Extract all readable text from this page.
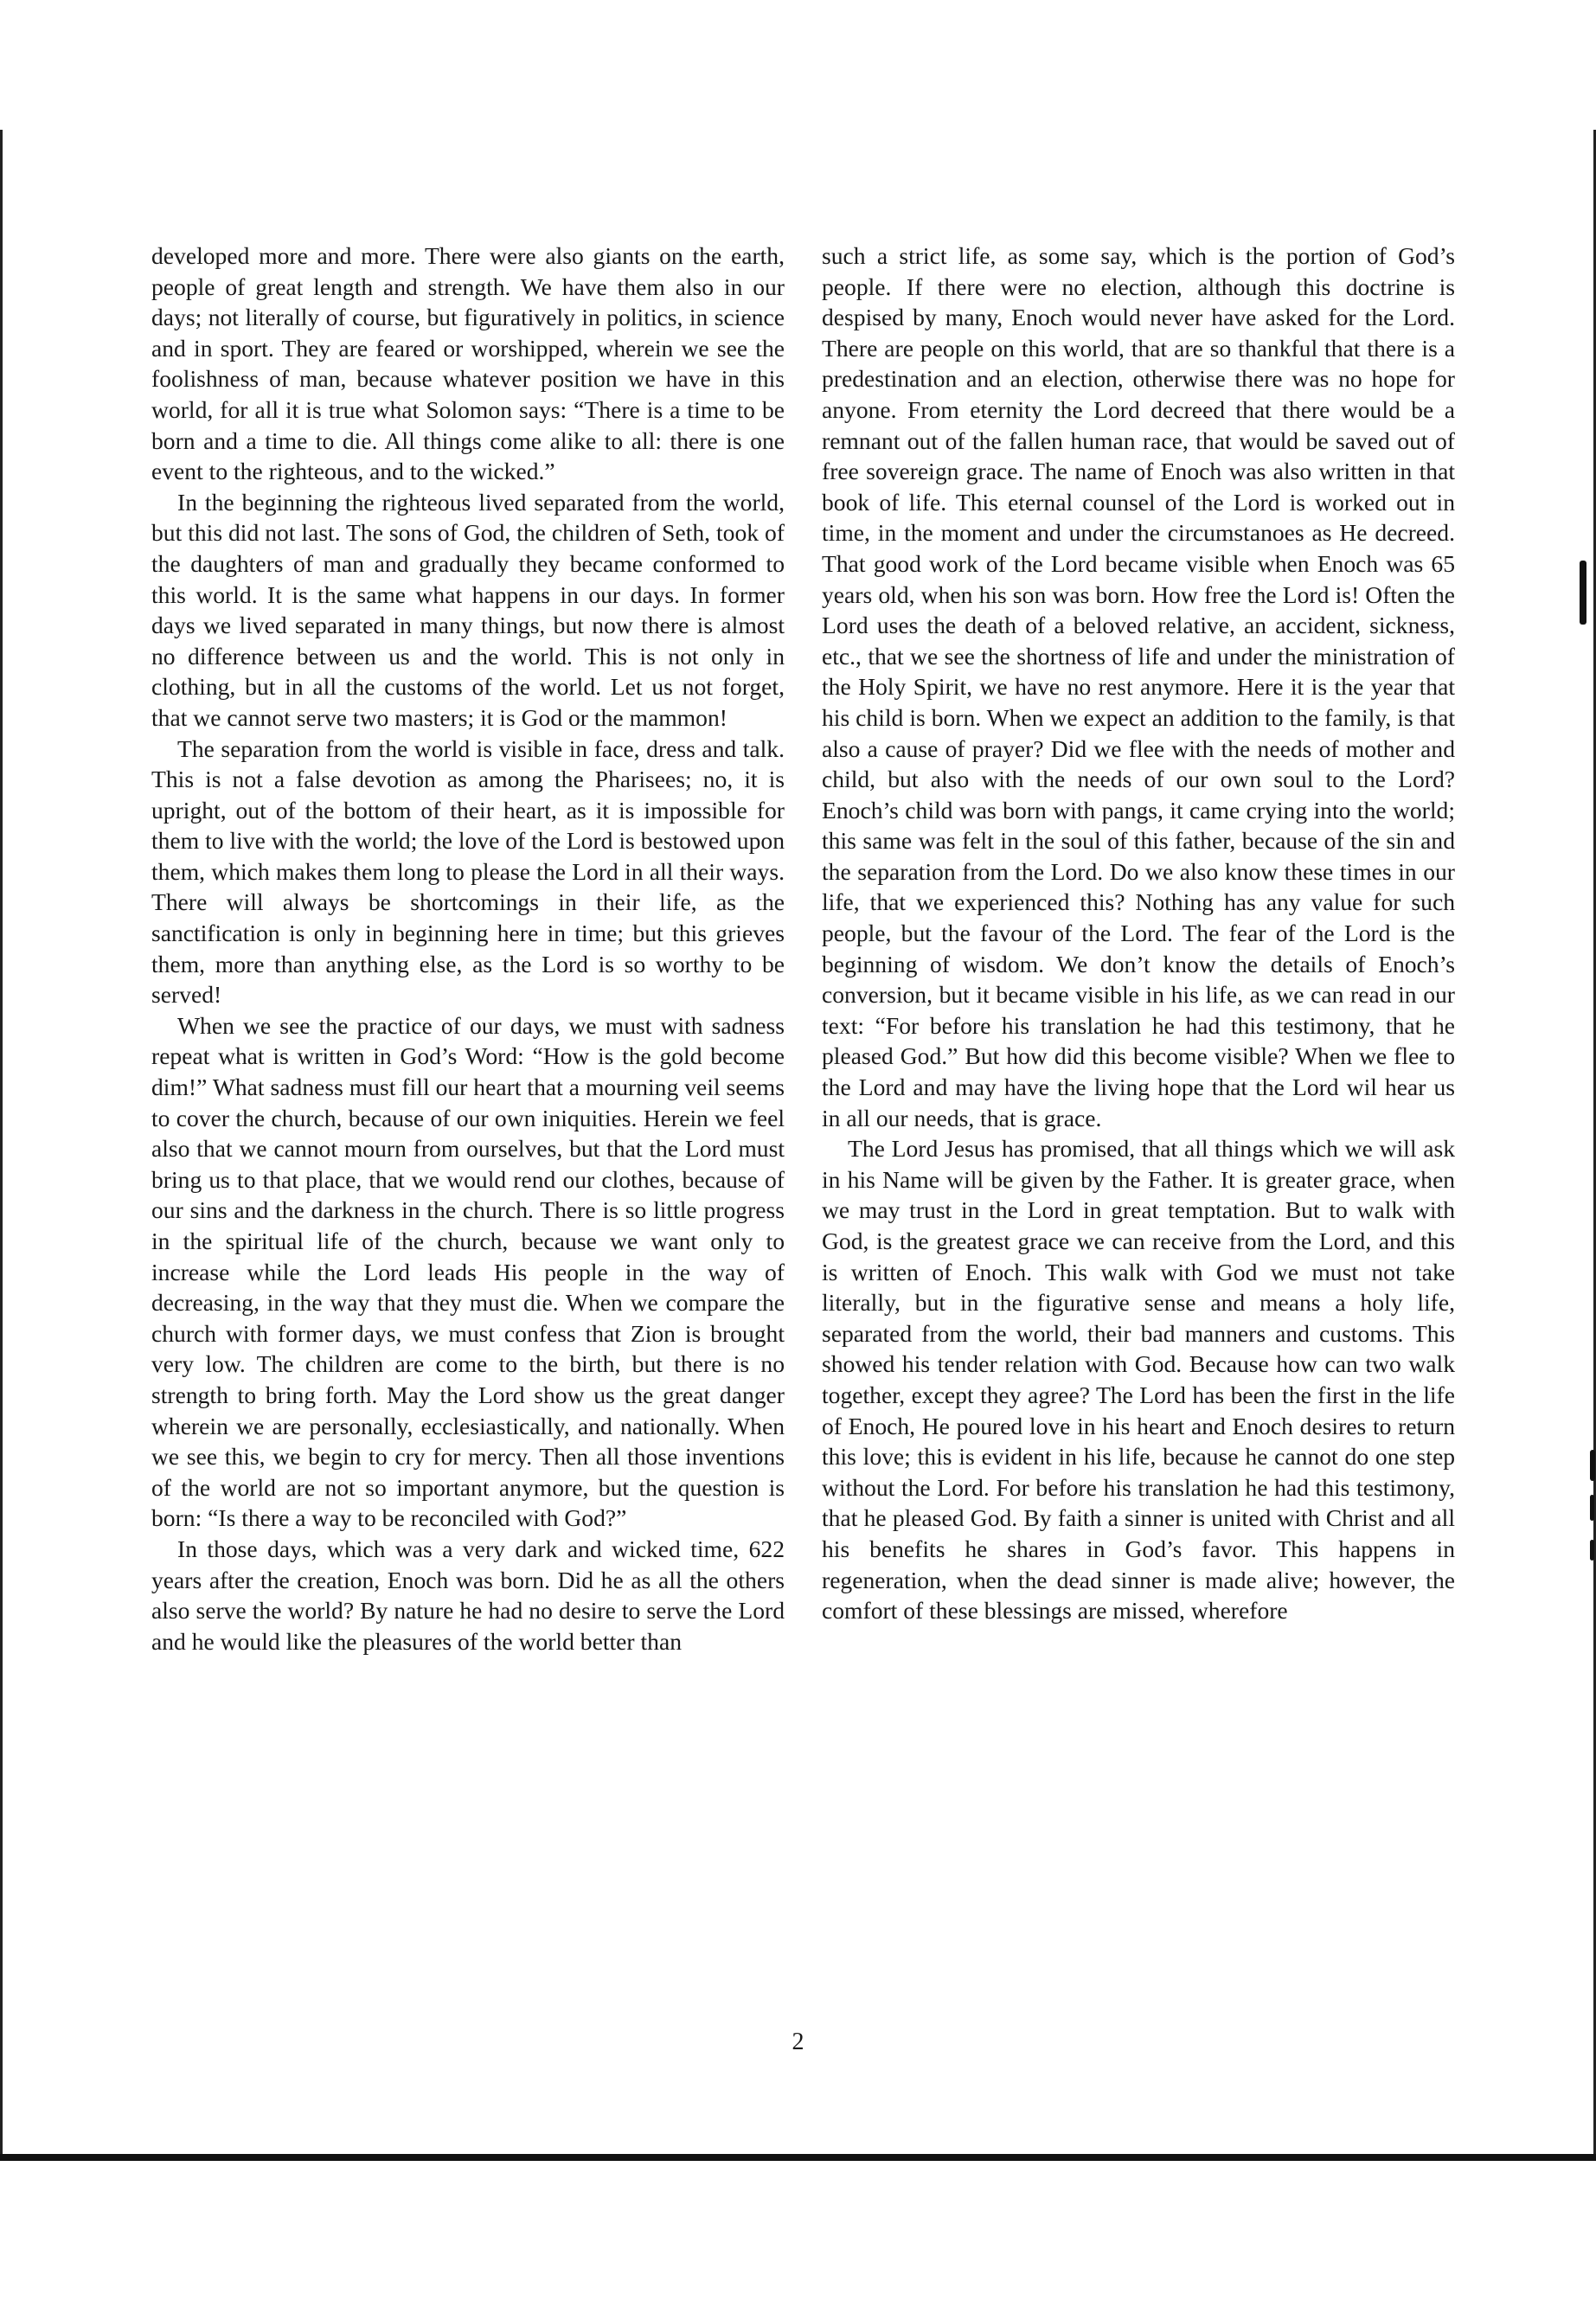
developed more and more. There were also giants on the earth, people of great length and strength. We have them also in our days; not literally of course, but figuratively in politics, in science and in sport. They are feared or worshipped, wherein we see the foolishness of man, because whatever position we have in this world, for all it is true what Solomon says: “There is a time to be born and a time to die. All things come alike to all: there is one event to the righteous, and to the wicked.”

In the beginning the righteous lived separated from the world, but this did not last. The sons of God, the children of Seth, took of the daughters of man and gradually they became conformed to this world. It is the same what happens in our days. In former days we lived separated in many things, but now there is almost no difference between us and the world. This is not only in clothing, but in all the customs of the world. Let us not forget, that we cannot serve two masters; it is God or the mammon!

The separation from the world is visible in face, dress and talk. This is not a false devotion as among the Pharisees; no, it is upright, out of the bottom of their heart, as it is impossible for them to live with the world; the love of the Lord is bestowed upon them, which makes them long to please the Lord in all their ways. There will always be shortcomings in their life, as the sanctification is only in beginning here in time; but this grieves them, more than anything else, as the Lord is so worthy to be served!

When we see the practice of our days, we must with sadness repeat what is written in God’s Word: “How is the gold become dim!” What sadness must fill our heart that a mourning veil seems to cover the church, because of our own iniquities. Herein we feel also that we cannot mourn from ourselves, but that the Lord must bring us to that place, that we would rend our clothes, because of our sins and the darkness in the church. There is so little progress in the spiritual life of the church, because we want only to increase while the Lord leads His people in the way of decreasing, in the way that they must die. When we compare the church with former days, we must confess that Zion is brought very low. The children are come to the birth, but there is no strength to bring forth. May the Lord show us the great danger wherein we are personally, ecclesiastically, and nationally. When we see this, we begin to cry for mercy. Then all those inventions of the world are not so important anymore, but the question is born: “Is there a way to be reconciled with God?”

In those days, which was a very dark and wicked time, 622 years after the creation, Enoch was born. Did he as all the others also serve the world? By nature he had no desire to serve the Lord and he would like the pleasures of the world better than

such a strict life, as some say, which is the portion of God’s people. If there were no election, although this doctrine is despised by many, Enoch would never have asked for the Lord. There are people on this world, that are so thankful that there is a predestination and an election, otherwise there was no hope for anyone. From eternity the Lord decreed that there would be a remnant out of the fallen human race, that would be saved out of free sovereign grace. The name of Enoch was also written in that book of life. This eternal counsel of the Lord is worked out in time, in the moment and under the circumstanoes as He decreed. That good work of the Lord became visible when Enoch was 65 years old, when his son was born. How free the Lord is! Often the Lord uses the death of a beloved relative, an accident, sickness, etc., that we see the shortness of life and under the ministration of the Holy Spirit, we have no rest anymore. Here it is the year that his child is born. When we expect an addition to the family, is that also a cause of prayer? Did we flee with the needs of mother and child, but also with the needs of our own soul to the Lord? Enoch’s child was born with pangs, it came crying into the world; this same was felt in the soul of this father, because of the sin and the separation from the Lord. Do we also know these times in our life, that we experienced this? Nothing has any value for such people, but the favour of the Lord. The fear of the Lord is the beginning of wisdom. We don’t know the details of Enoch’s conversion, but it became visible in his life, as we can read in our text: “For before his translation he had this testimony, that he pleased God.” But how did this become visible? When we flee to the Lord and may have the living hope that the Lord wil hear us in all our needs, that is grace.

The Lord Jesus has promised, that all things which we will ask in his Name will be given by the Father. It is greater grace, when we may trust in the Lord in great temptation. But to walk with God, is the greatest grace we can receive from the Lord, and this is written of Enoch. This walk with God we must not take literally, but in the figurative sense and means a holy life, separated from the world, their bad manners and customs. This showed his tender relation with God. Because how can two walk together, except they agree? The Lord has been the first in the life of Enoch, He poured love in his heart and Enoch desires to return this love; this is evident in his life, because he cannot do one step without the Lord. For before his translation he had this testimony, that he pleased God. By faith a sinner is united with Christ and all his benefits he shares in God’s favor. This happens in regeneration, when the dead sinner is made alive; however, the comfort of these blessings are missed, wherefore

2
